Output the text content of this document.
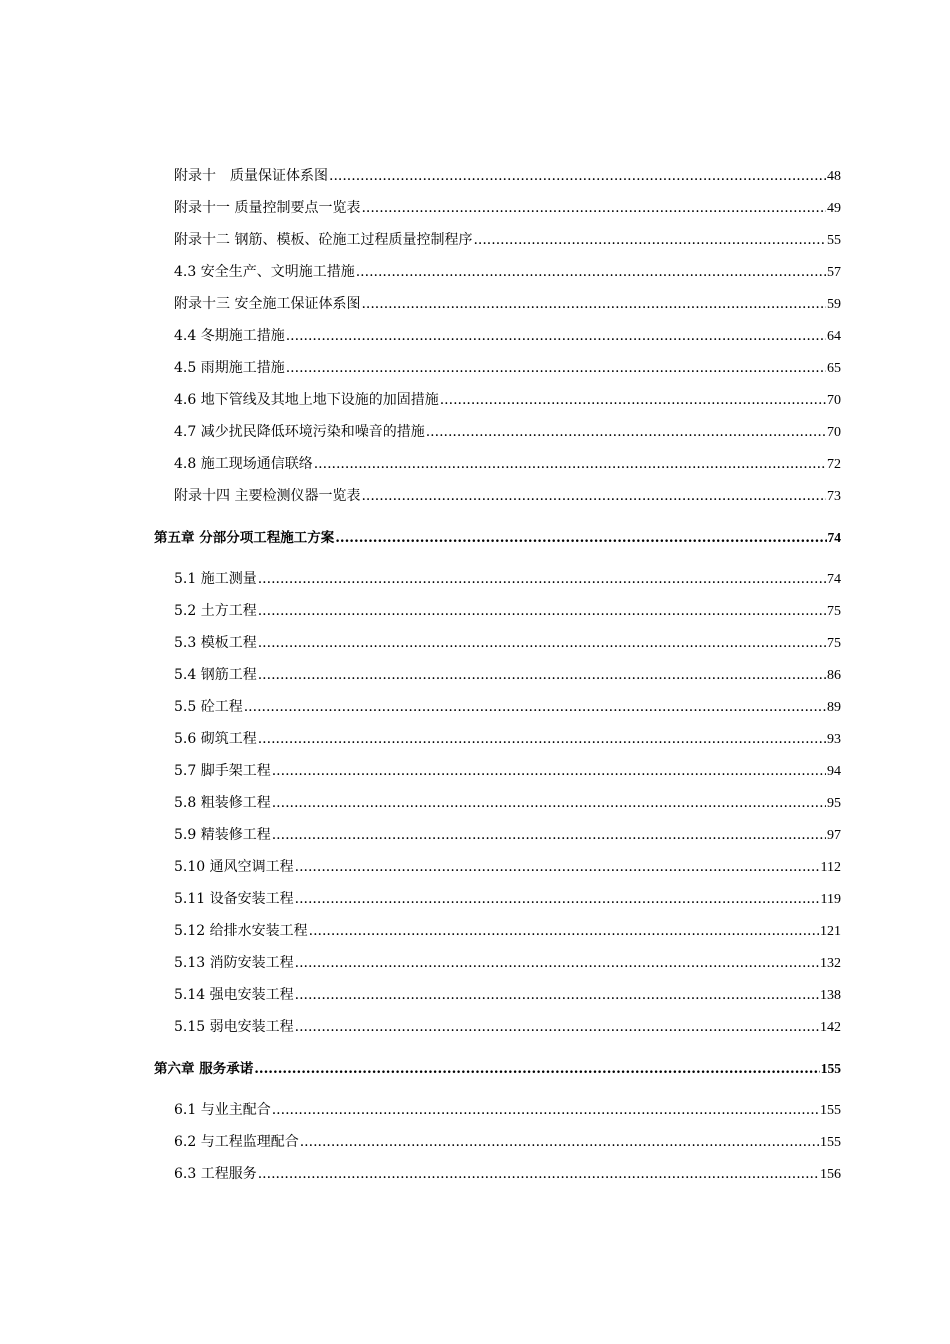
附录十　质量保证体系图 .....	48
附录十一 质量控制要点一览表 .....	49
附录十二 钢筋、模板、砼施工过程质量控制程序 .....	55
4.3 安全生产、文明施工措施 .....	57
附录十三 安全施工保证体系图 .....	59
4.4 冬期施工措施 .....	64
4.5 雨期施工措施 .....	65
4.6 地下管线及其地上地下设施的加固措施 .....	70
4.7 减少扰民降低环境污染和噪音的措施 .....	70
4.8 施工现场通信联络 .....	72
附录十四 主要检测仪器一览表 .....	73
第五章 分部分项工程施工方案 .....	74
5.1 施工测量 .....	74
5.2 土方工程 .....	75
5.3 模板工程 .....	75
5.4 钢筋工程 .....	86
5.5 砼工程 .....	89
5.6 砌筑工程 .....	93
5.7 脚手架工程 .....	94
5.8 粗装修工程 .....	95
5.9 精装修工程 .....	97
5.10 通风空调工程 .....	112
5.11 设备安装工程 .....	119
5.12 给排水安装工程 .....	121
5.13 消防安装工程 .....	132
5.14 强电安装工程 .....	138
5.15 弱电安装工程 .....	142
第六章 服务承诺 .....	155
6.1 与业主配合 .....	155
6.2 与工程监理配合 .....	155
6.3 工程服务 .....	156
